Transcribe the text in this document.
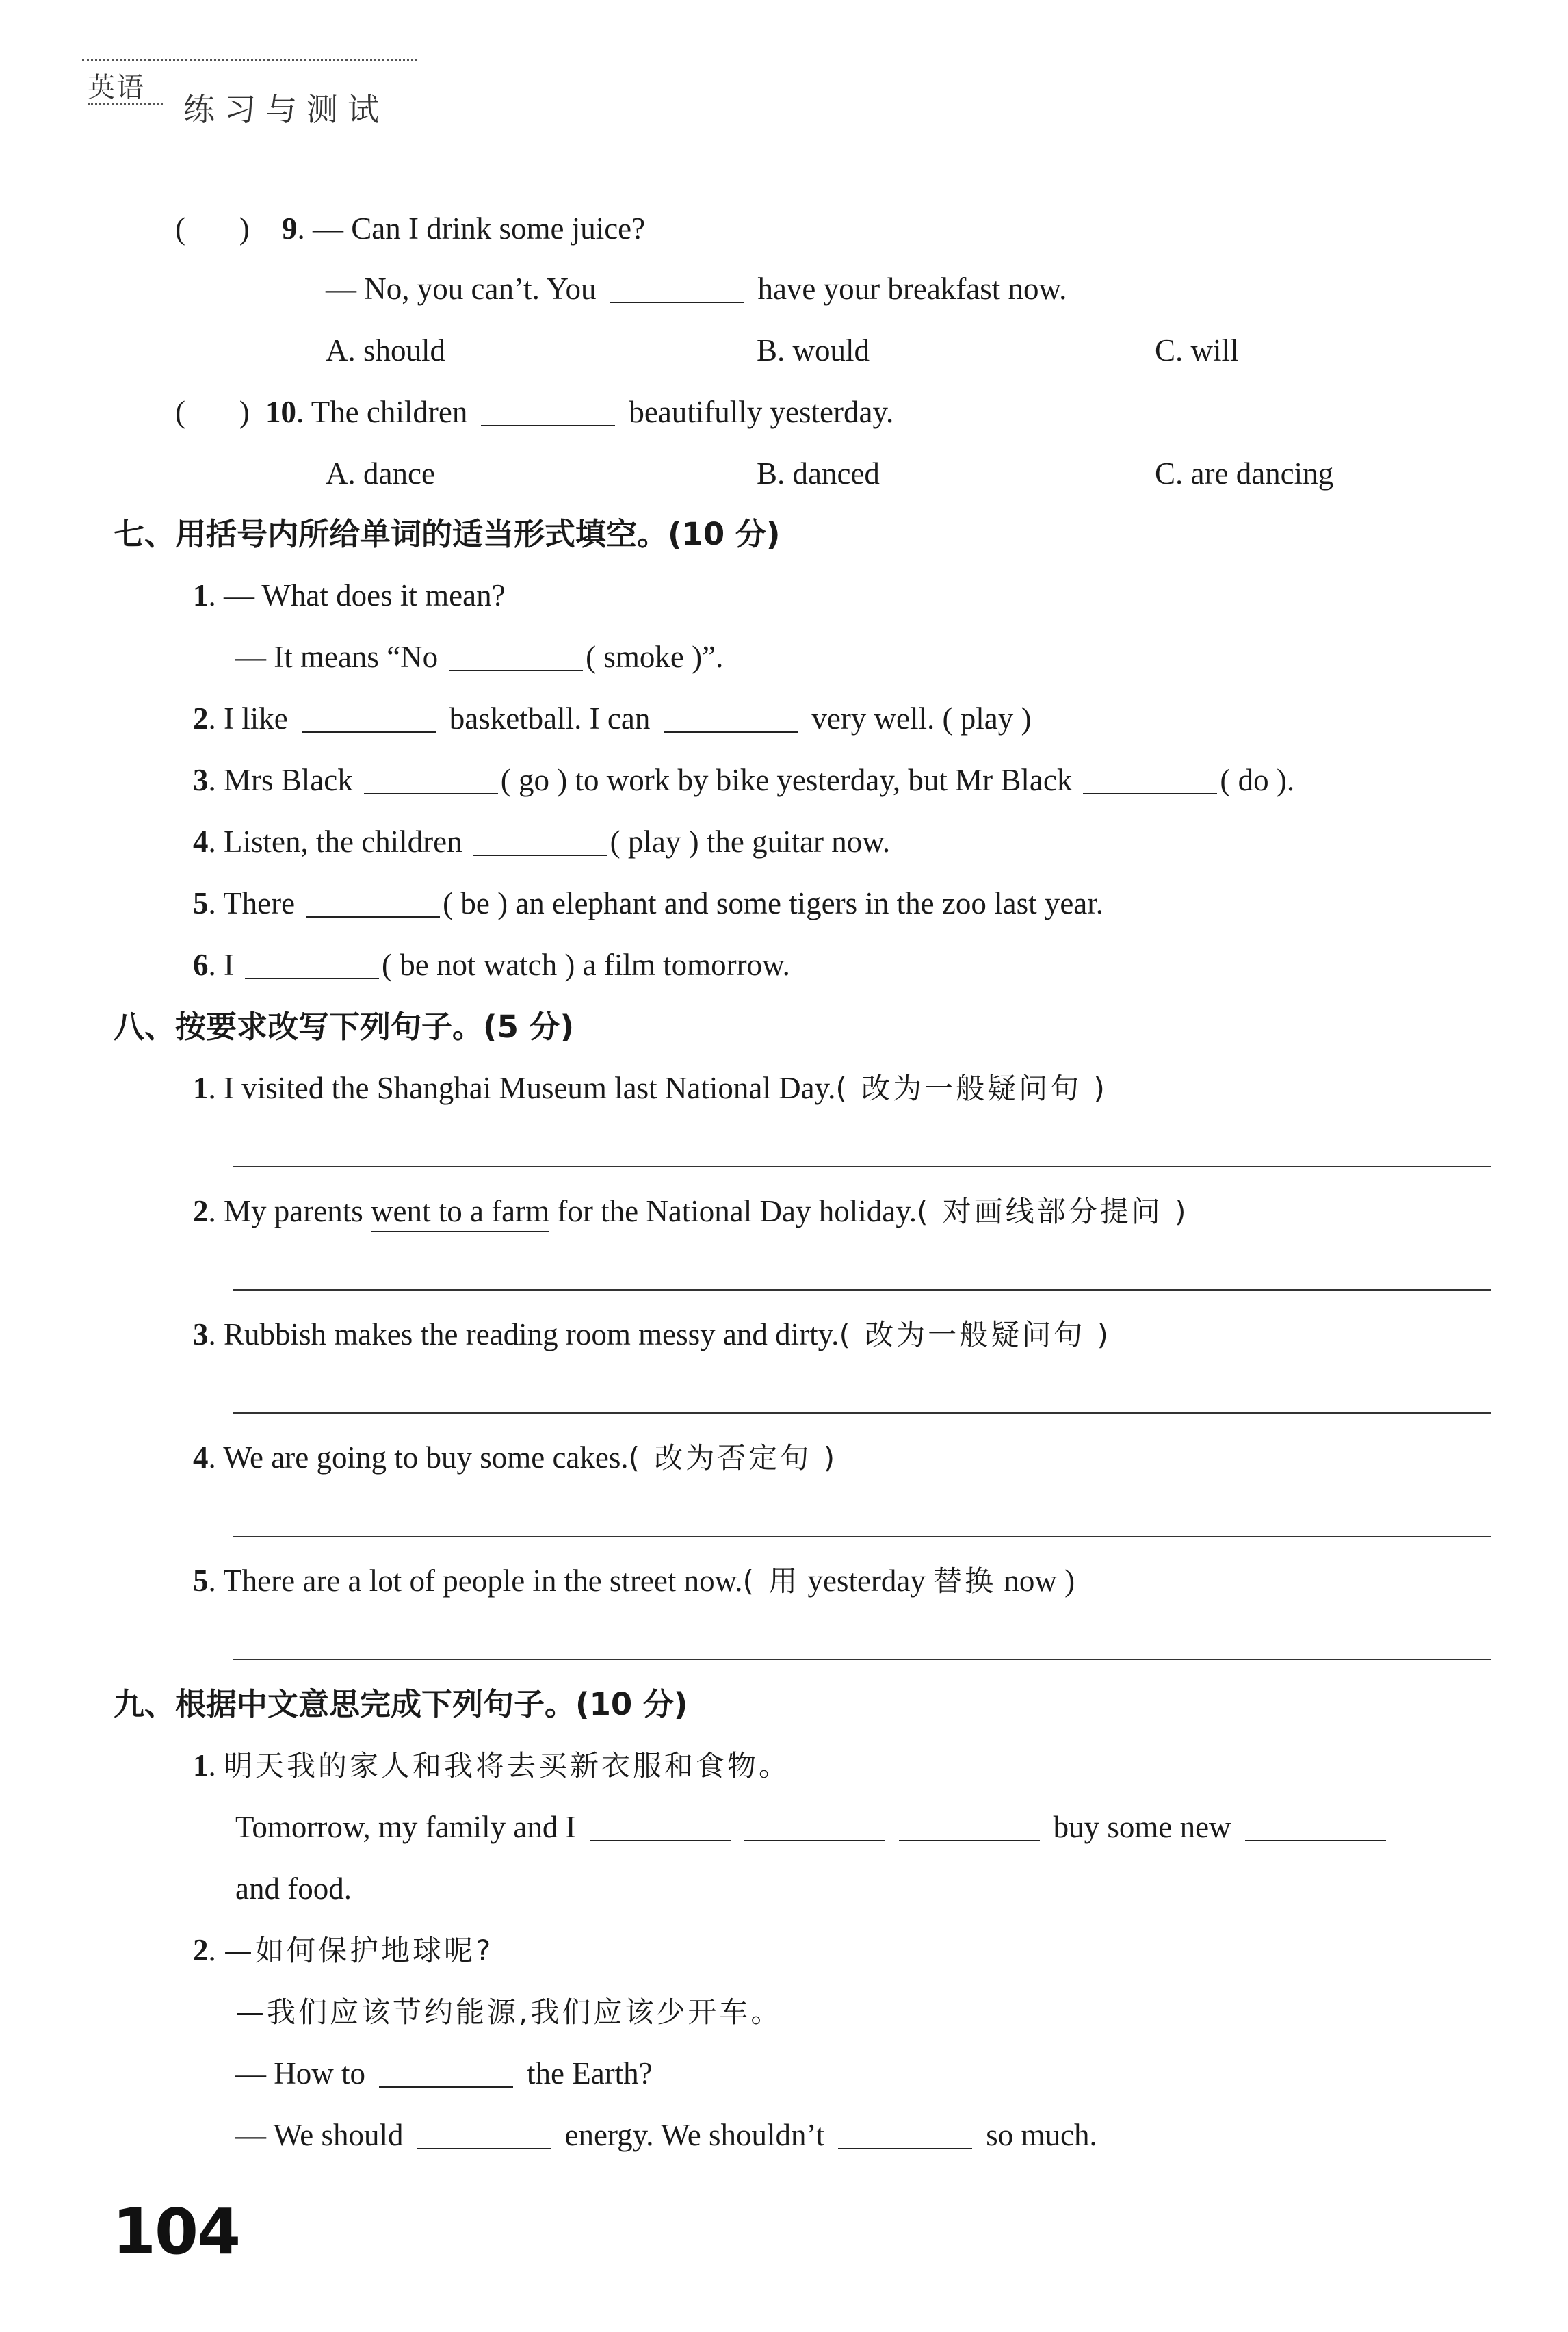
英语
练习与测试
(       ) 9. — Can I drink some juice?
— No, you can’t. You	have your breakfast now.
A. should	B. would	C. will
(       ) 10. The children	beautifully yesterday.
A. dance	B. danced	C. are dancing
七、用括号内所给单词的适当形式填空。(10 分)
1. — What does it mean?
— It means “No	( smoke )”.
2. I like	basketball. I can	very well. ( play )
3. Mrs Black	( go ) to work by bike yesterday, but Mr Black	( do ).
4. Listen, the children	( play ) the guitar now.
5. There	( be ) an elephant and some tigers in the zoo last year.
6. I	( be not watch ) a film tomorrow.
八、按要求改写下列句子。(5 分)
1. I visited the Shanghai Museum last National Day.( 改为一般疑问句 )
2. My parents went to a farm for the National Day holiday.( 对画线部分提问 )
3. Rubbish makes the reading room messy and dirty.( 改为一般疑问句 )
4. We are going to buy some cakes.( 改为否定句 )
5. There are a lot of people in the street now.( 用 yesterday 替换 now )
九、根据中文意思完成下列句子。(10 分)
1. 明天我的家人和我将去买新衣服和食物。
Tomorrow, my family and I	buy some new
and food.
2. —如何保护地球呢?
—我们应该节约能源,我们应该少开车。
— How to	the Earth?
— We should	energy. We shouldn’t	so much.
104
